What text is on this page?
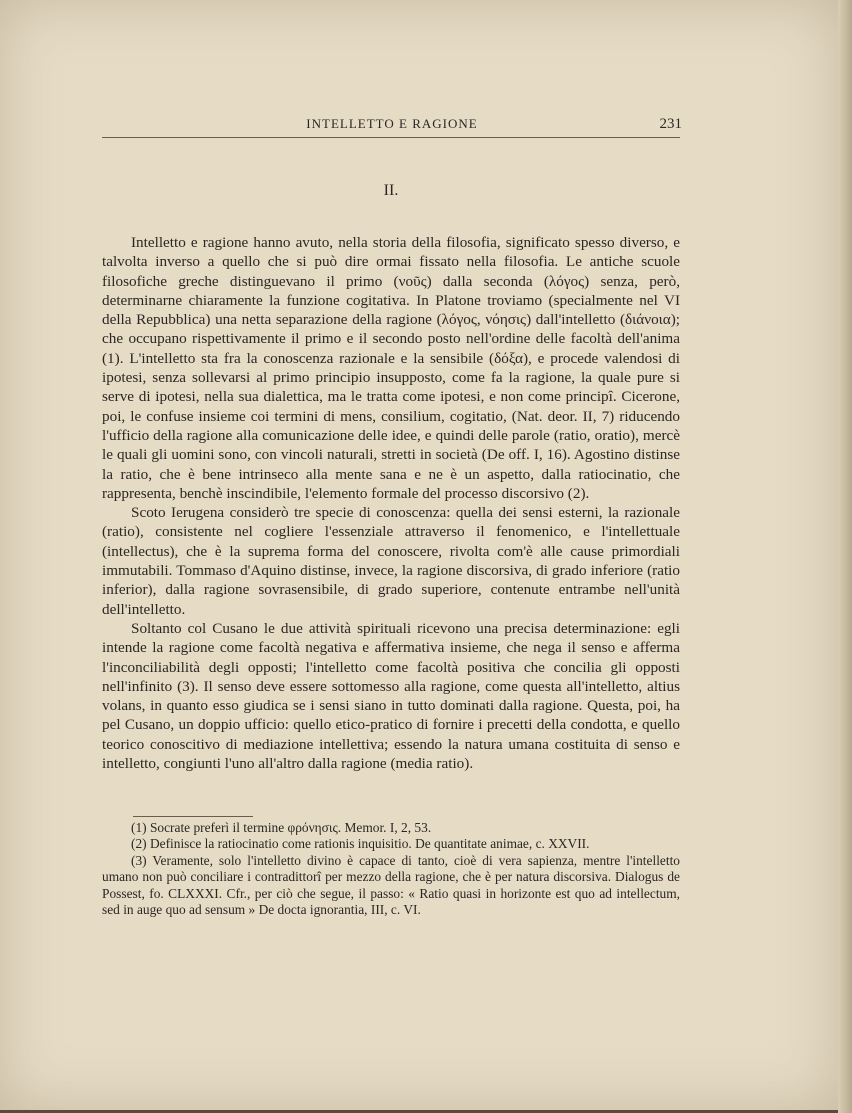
INTELLETTO E RAGIONE	231
II.

Intelletto e ragione hanno avuto, nella storia della filosofia, significato spesso diverso, e talvolta inverso a quello che si può dire ormai fissato nella filosofia. Le antiche scuole filosofiche greche distinguevano il primo (νοῦς) dalla seconda (λόγος) senza, però, determinarne chiaramente la funzione cogitativa. In Platone troviamo (specialmente nel VI della Repubblica) una netta separazione della ragione (λόγος, νόησις) dall'intelletto (διάνοια); che occupano rispettivamente il primo e il secondo posto nell'ordine delle facoltà dell'anima (1). L'intelletto sta fra la conoscenza razionale e la sensibile (δόξα), e procede valendosi di ipotesi, senza sollevarsi al primo principio insupposto, come fa la ragione, la quale pure si serve di ipotesi, nella sua dialettica, ma le tratta come ipotesi, e non come principî. Cicerone, poi, le confuse insieme coi termini di mens, consilium, cogitatio, (Nat. deor. II, 7) riducendo l'ufficio della ragione alla comunicazione delle idee, e quindi delle parole (ratio, oratio), mercè le quali gli uomini sono, con vincoli naturali, stretti in società (De off. I, 16). Agostino distinse la ratio, che è bene intrinseco alla mente sana e ne è un aspetto, dalla ratiocinatio, che rappresenta, benchè inscindibile, l'elemento formale del processo discorsivo (2).

Scoto Ierugena considerò tre specie di conoscenza: quella dei sensi esterni, la razionale (ratio), consistente nel cogliere l'essenziale attraverso il fenomenico, e l'intellettuale (intellectus), che è la suprema forma del conoscere, rivolta com'è alle cause primordiali immutabili. Tommaso d'Aquino distinse, invece, la ragione discorsiva, di grado inferiore (ratio inferior), dalla ragione sovrasensibile, di grado superiore, contenute entrambe nell'unità dell'intelletto.

Soltanto col Cusano le due attività spirituali ricevono una precisa determinazione: egli intende la ragione come facoltà negativa e affermativa insieme, che nega il senso e afferma l'inconciliabilità degli opposti; l'intelletto come facoltà positiva che concilia gli opposti nell'infinito (3). Il senso deve essere sottomesso alla ragione, come questa all'intelletto, altius volans, in quanto esso giudica se i sensi siano in tutto dominati dalla ragione. Questa, poi, ha pel Cusano, un doppio ufficio: quello etico-pratico di fornire i precetti della condotta, e quello teorico conoscitivo di mediazione intellettiva; essendo la natura umana costituita di senso e intelletto, congiunti l'uno all'altro dalla ragione (media ratio).

(1) Socrate preferì il termine φρόνησις. Memor. I, 2, 53.

(2) Definisce la ratiocinatio come rationis inquisitio. De quantitate animae, c. XXVII.

(3) Veramente, solo l'intelletto divino è capace di tanto, cioè di vera sapienza, mentre l'intelletto umano non può conciliare i contradittorî per mezzo della ragione, che è per natura discorsiva. Dialogus de Possest, fo. CLXXXI. Cfr., per ciò che segue, il passo: « Ratio quasi in horizonte est quo ad intellectum, sed in auge quo ad sensum » De docta ignorantia, III, c. VI.
